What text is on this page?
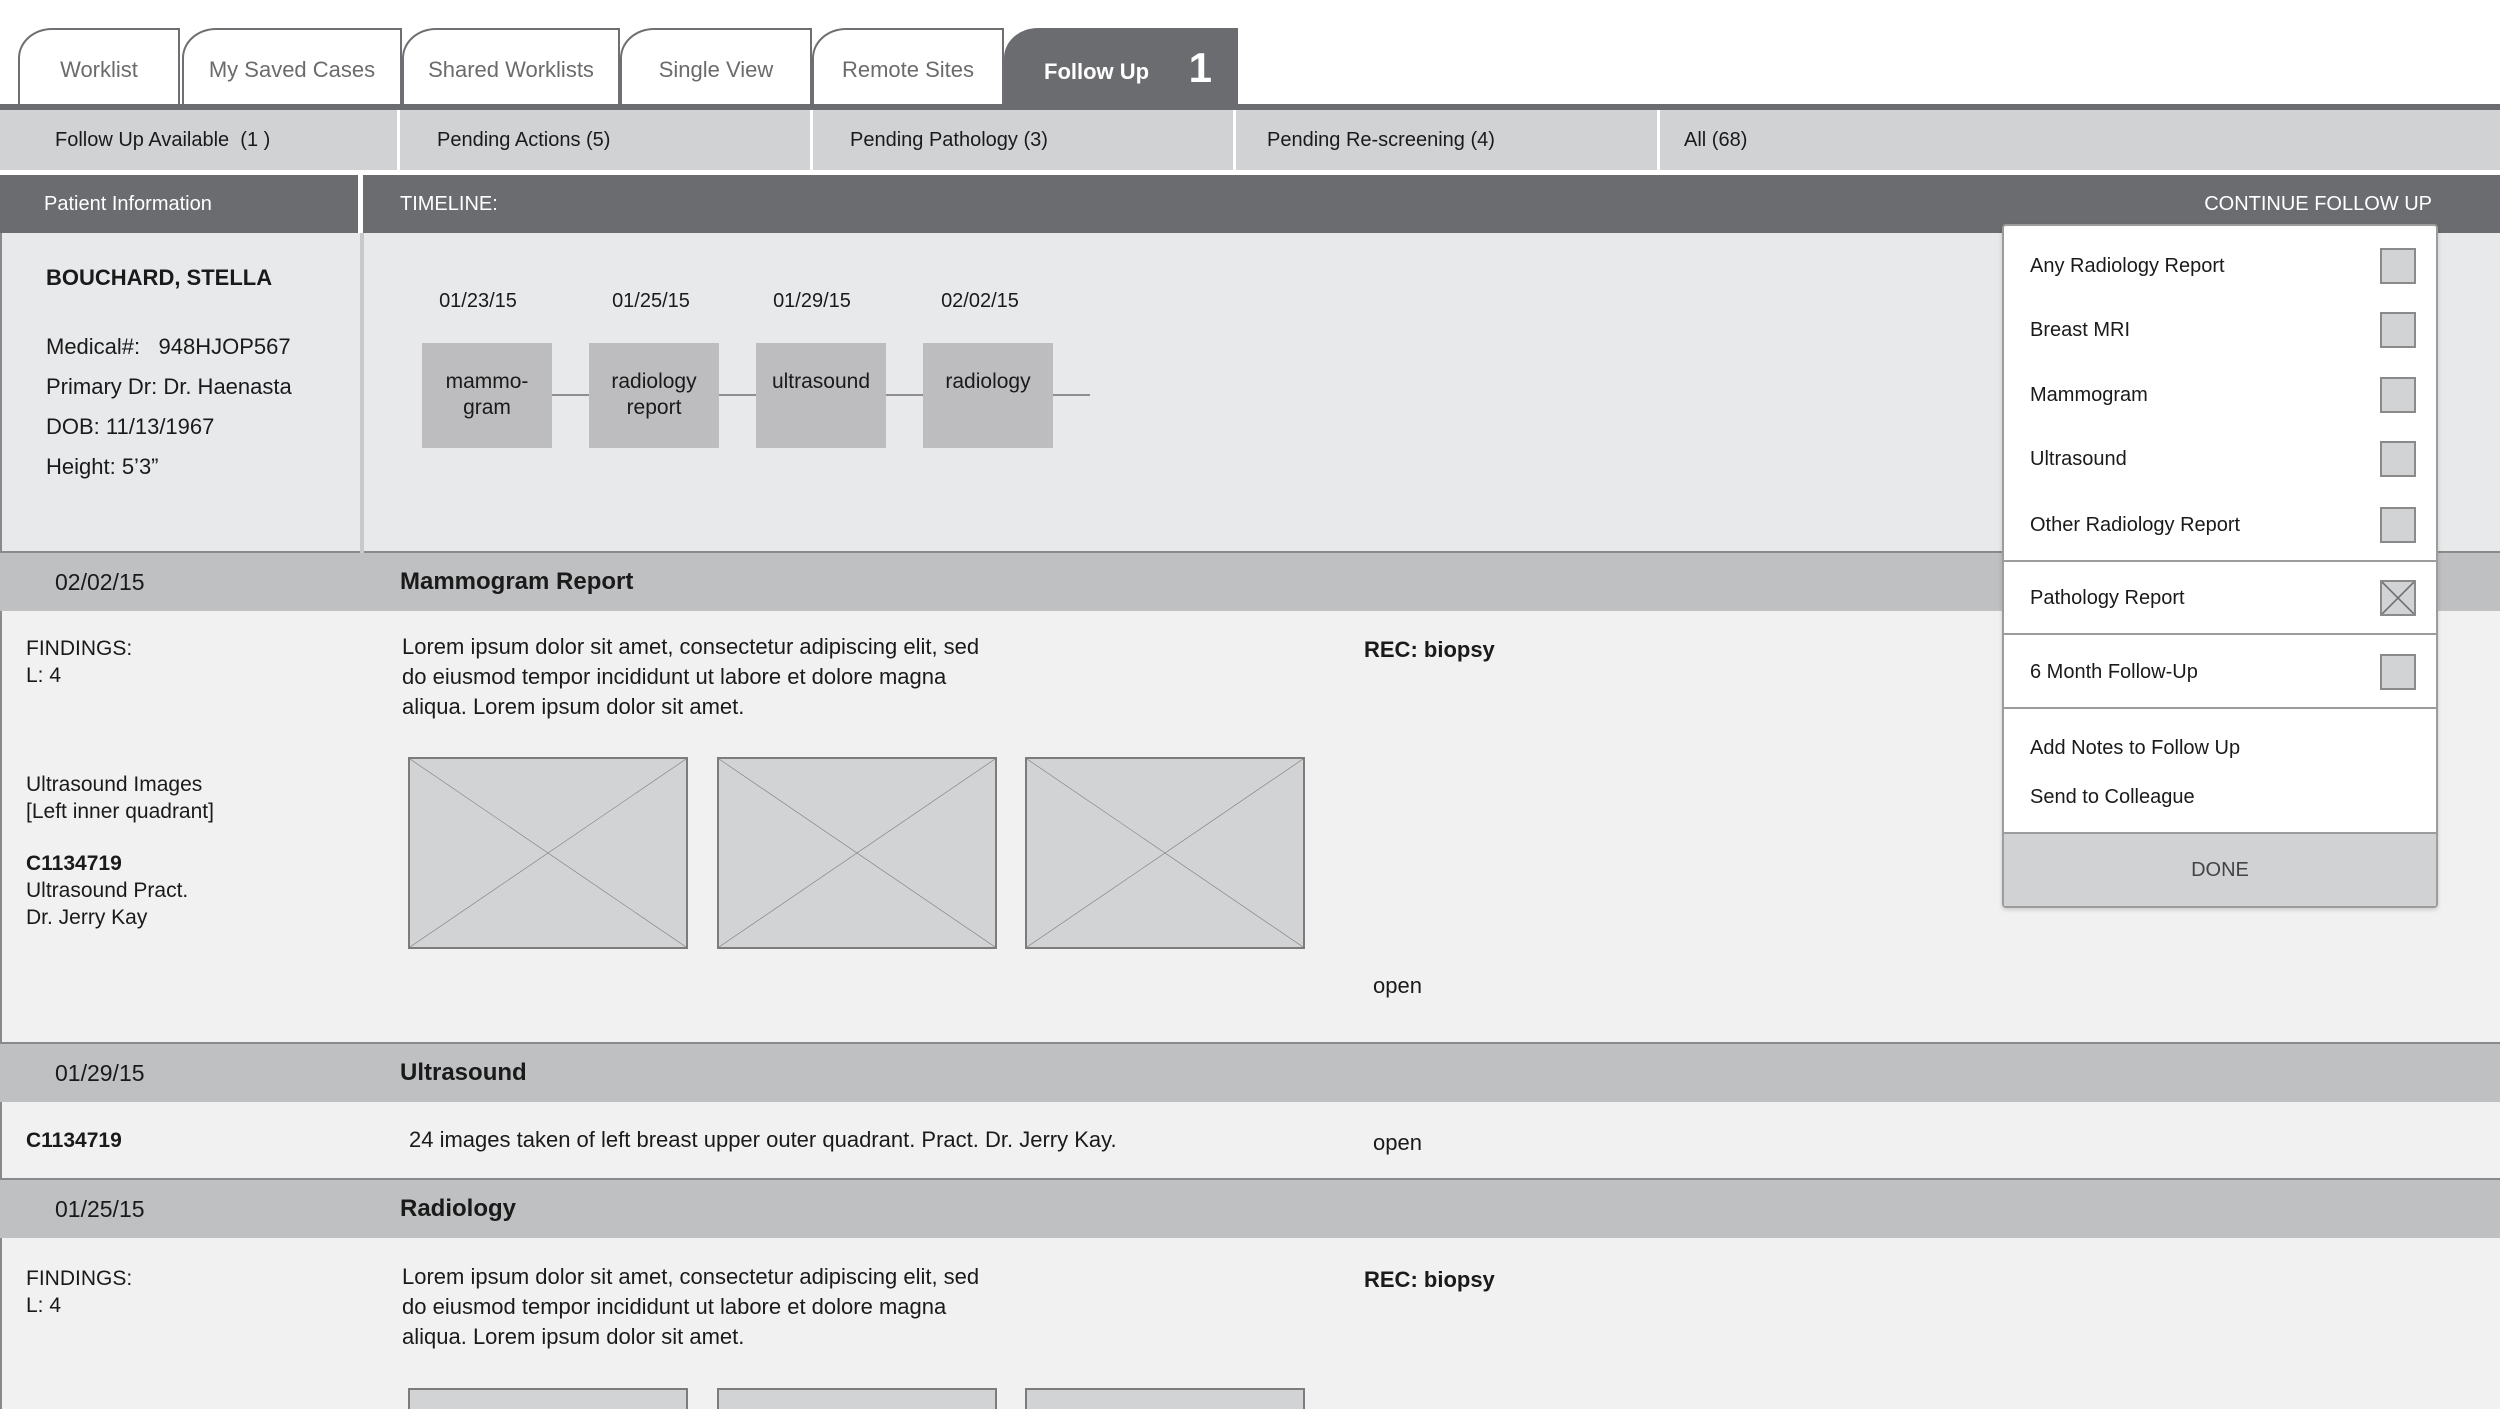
Worklist	My Saved Cases Shared Worklists	Single View	Remote Sites	Follow Up 1
Follow Up Available  (1 )	Pending Actions (5)	Pending Pathology (3)	Pending Re-screening (4)	All (68)
Patient Information	TIMELINE:	CONTINUE FOLLOW UP
BOUCHARD, STELLA
Medical#:   948HJOP567
Primary Dr: Dr. Haenasta
DOB: 11/13/1967
Height: 5’3”
01/23/15
mammo-
gram
01/25/15
radiology
report
01/29/15
ultrasound
02/02/15
radiology
02/02/15	Mammogram Report
FINDINGS:
L: 4
Ultrasound Images
[Left inner quadrant]
C1134719
Ultrasound Pract.
Dr. Jerry Kay
Lorem ipsum dolor sit amet, consectetur adipiscing elit, sed
do eiusmod tempor incididunt ut labore et dolore magna
aliqua. Lorem ipsum dolor sit amet.
REC: biopsy
open
01/29/15	Ultrasound
C1134719	24 images taken of left breast upper outer quadrant. Pract. Dr. Jerry Kay.	open
01/25/15	Radiology
FINDINGS:
L: 4
Lorem ipsum dolor sit amet, consectetur adipiscing elit, sed
do eiusmod tempor incididunt ut labore et dolore magna
aliqua. Lorem ipsum dolor sit amet.
REC: biopsy
Any Radiology Report
Breast MRI
Mammogram
Ultrasound
Other Radiology Report
Pathology Report
6 Month Follow-Up
Add Notes to Follow Up
Send to Colleague
DONE
